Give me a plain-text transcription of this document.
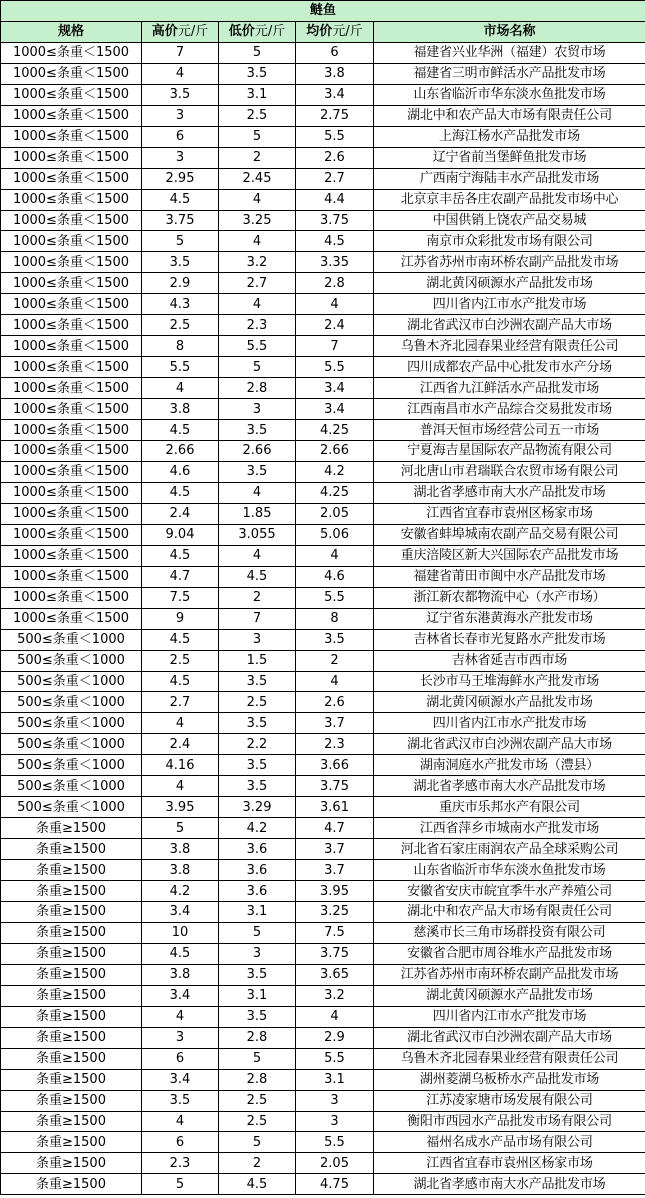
鲢鱼				
规格	高价元/斤	低价元/斤	均价元/斤	市场名称
1000≤条重＜1500	7	5	6	福建省兴业华洲（福建）农贸市场
1000≤条重＜1500	4	3.5	3.8	福建省三明市鲜活水产品批发市场
1000≤条重＜1500	3.5	3.1	3.4	山东省临沂市华东淡水鱼批发市场
1000≤条重＜1500	3	2.5	2.75	湖北中和农产品大市场有限责任公司
1000≤条重＜1500	6	5	5.5	上海江杨水产品批发市场
1000≤条重＜1500	3	2	2.6	辽宁省前当堡鲜鱼批发市场
1000≤条重＜1500	2.95	2.45	2.7	广西南宁海陆丰水产品批发市场
1000≤条重＜1500	4.5	4	4.4	北京京丰岳各庄农副产品批发市场中心
1000≤条重＜1500	3.75	3.25	3.75	中国供销上饶农产品交易城
1000≤条重＜1500	5	4	4.5	南京市众彩批发市场有限公司
1000≤条重＜1500	3.5	3.2	3.35	江苏省苏州市南环桥农副产品批发市场
1000≤条重＜1500	2.9	2.7	2.8	湖北黄冈硕源水产品批发市场
1000≤条重＜1500	4.3	4	4	四川省内江市水产批发市场
1000≤条重＜1500	2.5	2.3	2.4	湖北省武汉市白沙洲农副产品大市场
1000≤条重＜1500	8	5.5	7	乌鲁木齐北园春果业经营有限责任公司
1000≤条重＜1500	5.5	5	5.5	四川成都农产品中心批发市水产分场
1000≤条重＜1500	4	2.8	3.4	江西省九江鲜活水产品批发市场
1000≤条重＜1500	3.8	3	3.4	江西南昌市水产品综合交易批发市场
1000≤条重＜1500	4.5	3.5	4.25	普洱天恒市场经营公司五一市场
1000≤条重＜1500	2.66	2.66	2.66	宁夏海吉星国际农产品物流有限公司
1000≤条重＜1500	4.6	3.5	4.2	河北唐山市君瑞联合农贸市场有限公司
1000≤条重＜1500	4.5	4	4.25	湖北省孝感市南大水产品批发市场
1000≤条重＜1500	2.4	1.85	2.05	江西省宜春市袁州区杨家市场
1000≤条重＜1500	9.04	3.055	5.06	安徽省蚌埠城南农副产品交易有限公司
1000≤条重＜1500	4.5	4	4	重庆涪陵区新大兴国际农产品批发市场
1000≤条重＜1500	4.7	4.5	4.6	福建省莆田市闽中水产品批发市场
1000≤条重＜1500	7.5	2	5.5	浙江新农都物流中心（水产市场）
1000≤条重＜1500	9	7	8	辽宁省东港黄海水产批发市场
500≤条重＜1000	4.5	3	3.5	吉林省长春市光复路水产批发市场
500≤条重＜1000	2.5	1.5	2	吉林省延吉市西市场
500≤条重＜1000	4.5	3.5	4	长沙市马王堆海鲜水产批发市场
500≤条重＜1000	2.7	2.5	2.6	湖北黄冈硕源水产品批发市场
500≤条重＜1000	4	3.5	3.7	四川省内江市水产批发市场
500≤条重＜1000	2.4	2.2	2.3	湖北省武汉市白沙洲农副产品大市场
500≤条重＜1000	4.16	3.5	3.66	湖南洞庭水产批发市场（澧县）
500≤条重＜1000	4	3.5	3.75	湖北省孝感市南大水产品批发市场
500≤条重＜1000	3.95	3.29	3.61	重庆市乐邦水产有限公司
条重≥1500	5	4.2	4.7	江西省萍乡市城南水产批发市场
条重≥1500	3.8	3.6	3.7	河北省石家庄雨润农产品全球采购公司
条重≥1500	3.8	3.6	3.7	山东省临沂市华东淡水鱼批发市场
条重≥1500	4.2	3.6	3.95	安徽省安庆市皖宜季牛水产养殖公司
条重≥1500	3.4	3.1	3.25	湖北中和农产品大市场有限责任公司
条重≥1500	10	5	7.5	慈溪市长三角市场群投资有限公司
条重≥1500	4.5	3	3.75	安徽省合肥市周谷堆水产品批发市场
条重≥1500	3.8	3.5	3.65	江苏省苏州市南环桥农副产品批发市场
条重≥1500	3.4	3.1	3.2	湖北黄冈硕源水产品批发市场
条重≥1500	4	3.5	4	四川省内江市水产批发市场
条重≥1500	3	2.8	2.9	湖北省武汉市白沙洲农副产品大市场
条重≥1500	6	5	5.5	乌鲁木齐北园春果业经营有限责任公司
条重≥1500	3.4	2.8	3.1	湖州菱湖乌板桥水产品批发市场
条重≥1500	3.5	2.5	3	江苏凌家塘市场发展有限公司
条重≥1500	4	2.5	3	衡阳市西园水产品批发市场有限公司
条重≥1500	6	5	5.5	福州名成水产品市场有限公司
条重≥1500	2.3	2	2.05	江西省宜春市袁州区杨家市场
条重≥1500	5	4.5	4.75	湖北省孝感市南大水产品批发市场
